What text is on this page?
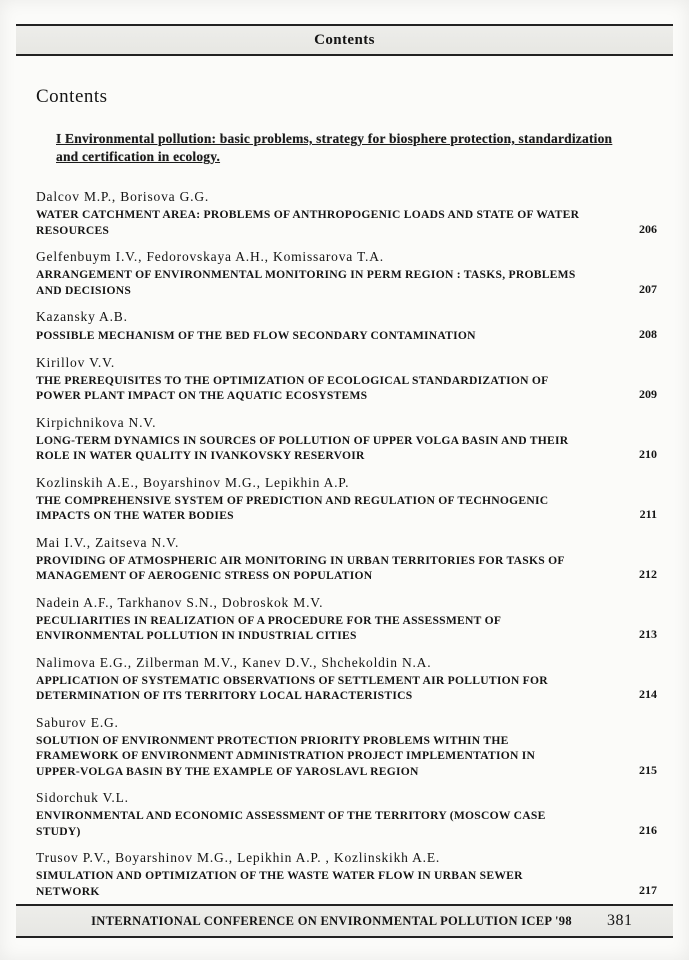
Contents
Contents
I Environmental pollution: basic problems, strategy for biosphere protection, standardization and certification in ecology.
Dalcov M.P., Borisova G.G.
WATER CATCHMENT AREA: PROBLEMS OF ANTHROPOGENIC LOADS AND STATE OF WATER RESOURCES	206
Gelfenbuym I.V., Fedorovskaya A.H., Komissarova T.A.
ARRANGEMENT OF ENVIRONMENTAL MONITORING IN PERM REGION : TASKS, PROBLEMS AND DECISIONS	207
Kazansky A.B.
POSSIBLE MECHANISM OF THE BED FLOW SECONDARY CONTAMINATION	208
Kirillov V.V.
THE PREREQUISITES TO THE OPTIMIZATION OF ECOLOGICAL STANDARDIZATION OF POWER PLANT IMPACT ON THE AQUATIC ECOSYSTEMS	209
Kirpichnikova N.V.
LONG-TERM DYNAMICS IN SOURCES OF POLLUTION OF UPPER VOLGA BASIN AND THEIR ROLE IN WATER QUALITY IN IVANKOVSKY RESERVOIR	210
Kozlinskih A.E., Boyarshinov M.G., Lepikhin A.P.
THE COMPREHENSIVE SYSTEM OF PREDICTION AND REGULATION OF TECHNOGENIC IMPACTS ON THE WATER BODIES	211
Mai I.V., Zaitseva N.V.
PROVIDING OF ATMOSPHERIC AIR MONITORING IN URBAN TERRITORIES FOR TASKS OF MANAGEMENT OF AEROGENIC STRESS ON POPULATION	212
Nadein A.F., Tarkhanov S.N., Dobroskok M.V.
PECULIARITIES IN REALIZATION OF A PROCEDURE FOR THE ASSESSMENT OF ENVIRONMENTAL POLLUTION IN INDUSTRIAL CITIES	213
Nalimova E.G., Zilberman M.V., Kanev D.V., Shchekoldin N.A.
APPLICATION OF SYSTEMATIC OBSERVATIONS OF SETTLEMENT AIR POLLUTION FOR DETERMINATION OF ITS TERRITORY LOCAL HARACTERISTICS	214
Saburov E.G.
SOLUTION OF ENVIRONMENT PROTECTION PRIORITY PROBLEMS WITHIN THE FRAMEWORK OF ENVIRONMENT ADMINISTRATION PROJECT IMPLEMENTATION IN UPPER-VOLGA BASIN BY THE EXAMPLE OF YAROSLAVL REGION	215
Sidorchuk V.L.
ENVIRONMENTAL AND ECONOMIC ASSESSMENT OF THE TERRITORY (MOSCOW CASE STUDY)	216
Trusov P.V., Boyarshinov M.G., Lepikhin A.P. , Kozlinskikh A.E.
SIMULATION AND OPTIMIZATION OF THE WASTE WATER FLOW IN URBAN SEWER NETWORK	217
INTERNATIONAL CONFERENCE ON ENVIRONMENTAL POLLUTION ICEP '98	381
